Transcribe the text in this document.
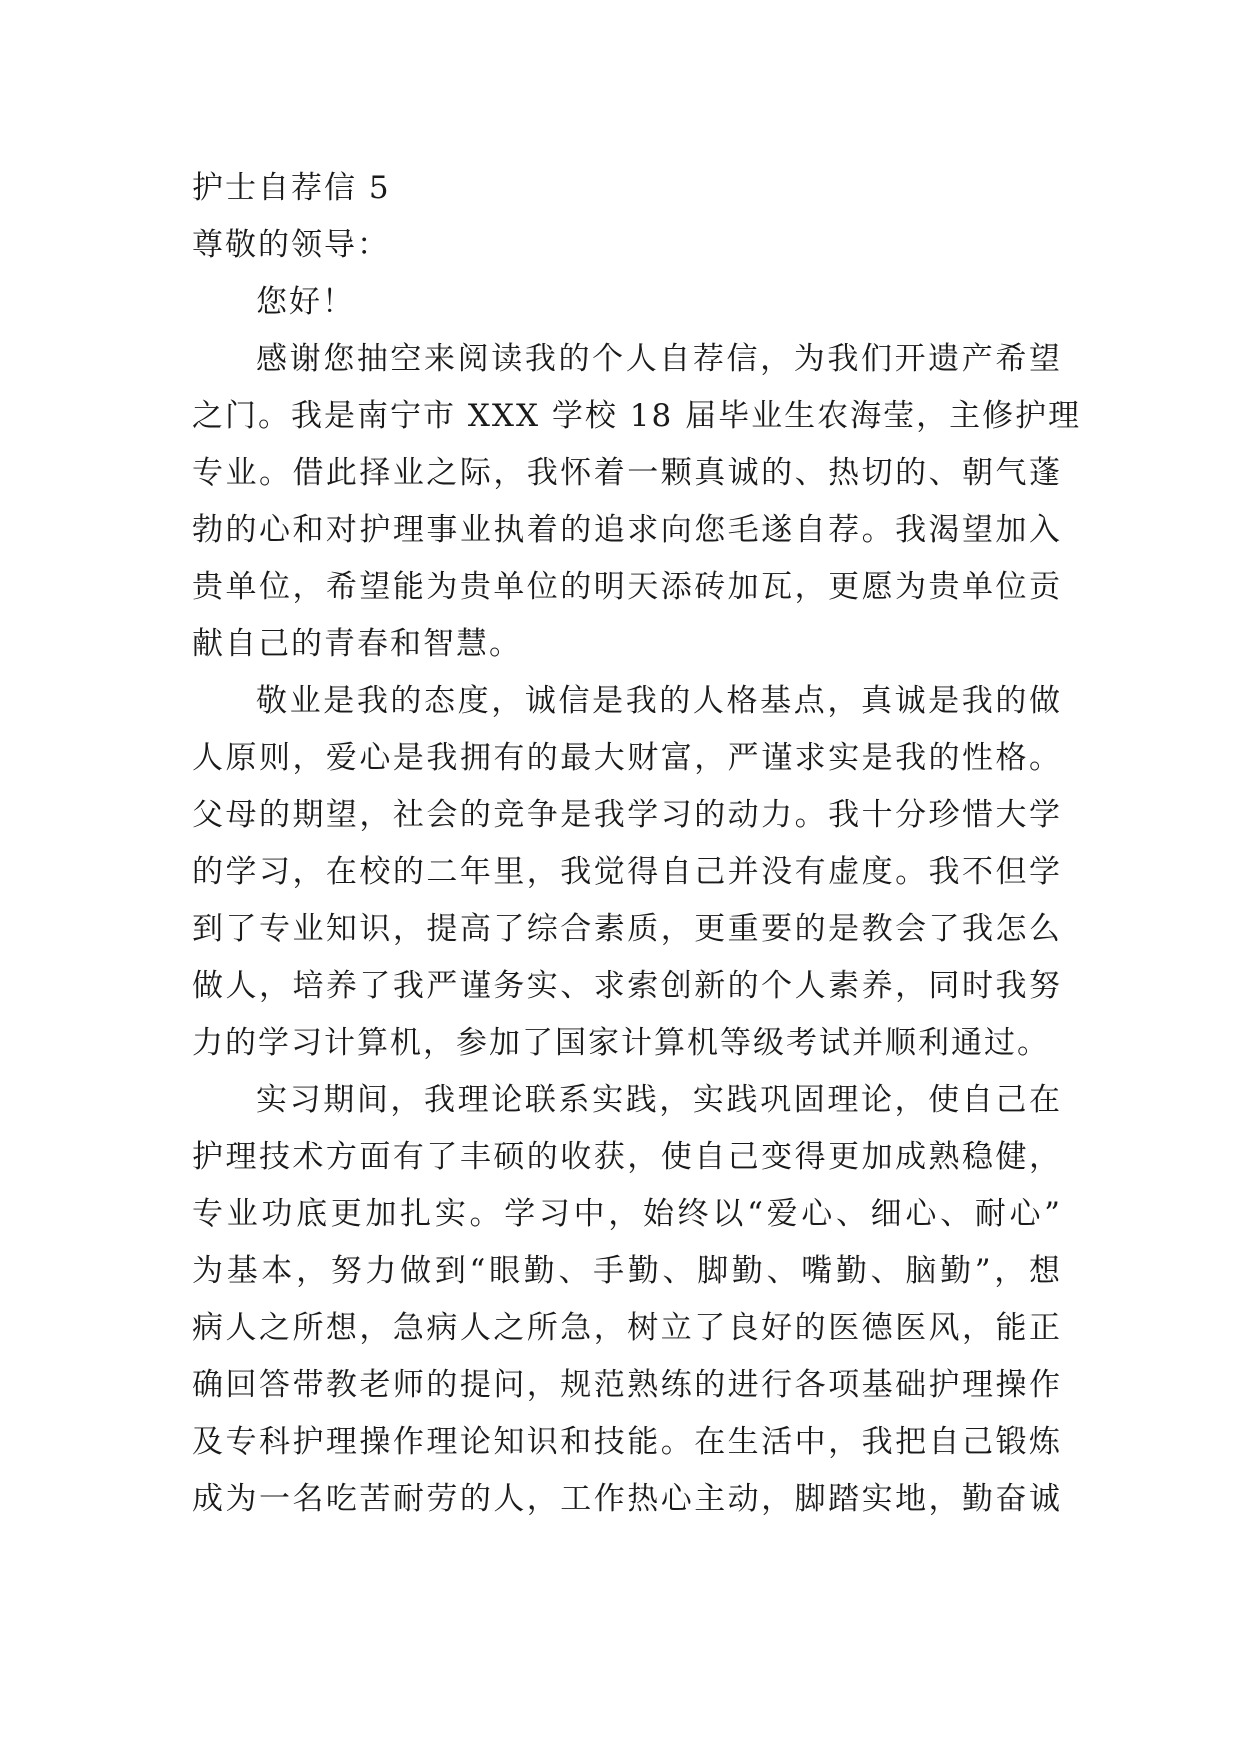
护士自荐信 5
尊敬的领导：
您好！
感谢您抽空来阅读我的个人自荐信，为我们开遗产希望
之门。我是南宁市 XXX 学校 18 届毕业生农海莹，主修护理
专业。借此择业之际，我怀着一颗真诚的、热切的、朝气蓬
勃的心和对护理事业执着的追求向您毛遂自荐。我渴望加入
贵单位，希望能为贵单位的明天添砖加瓦，更愿为贵单位贡
献自己的青春和智慧。
敬业是我的态度，诚信是我的人格基点，真诚是我的做
人原则，爱心是我拥有的最大财富，严谨求实是我的性格。
父母的期望，社会的竞争是我学习的动力。我十分珍惜大学
的学习，在校的二年里，我觉得自己并没有虚度。我不但学
到了专业知识，提高了综合素质，更重要的是教会了我怎么
做人，培养了我严谨务实、求索创新的个人素养，同时我努
力的学习计算机，参加了国家计算机等级考试并顺利通过。
实习期间，我理论联系实践，实践巩固理论，使自己在
护理技术方面有了丰硕的收获，使自己变得更加成熟稳健，
专业功底更加扎实。学习中，始终以“爱心、细心、耐心”
为基本，努力做到“眼勤、手勤、脚勤、嘴勤、脑勤”，想
病人之所想，急病人之所急，树立了良好的医德医风，能正
确回答带教老师的提问，规范熟练的进行各项基础护理操作
及专科护理操作理论知识和技能。在生活中，我把自己锻炼
成为一名吃苦耐劳的人，工作热心主动，脚踏实地，勤奋诚
